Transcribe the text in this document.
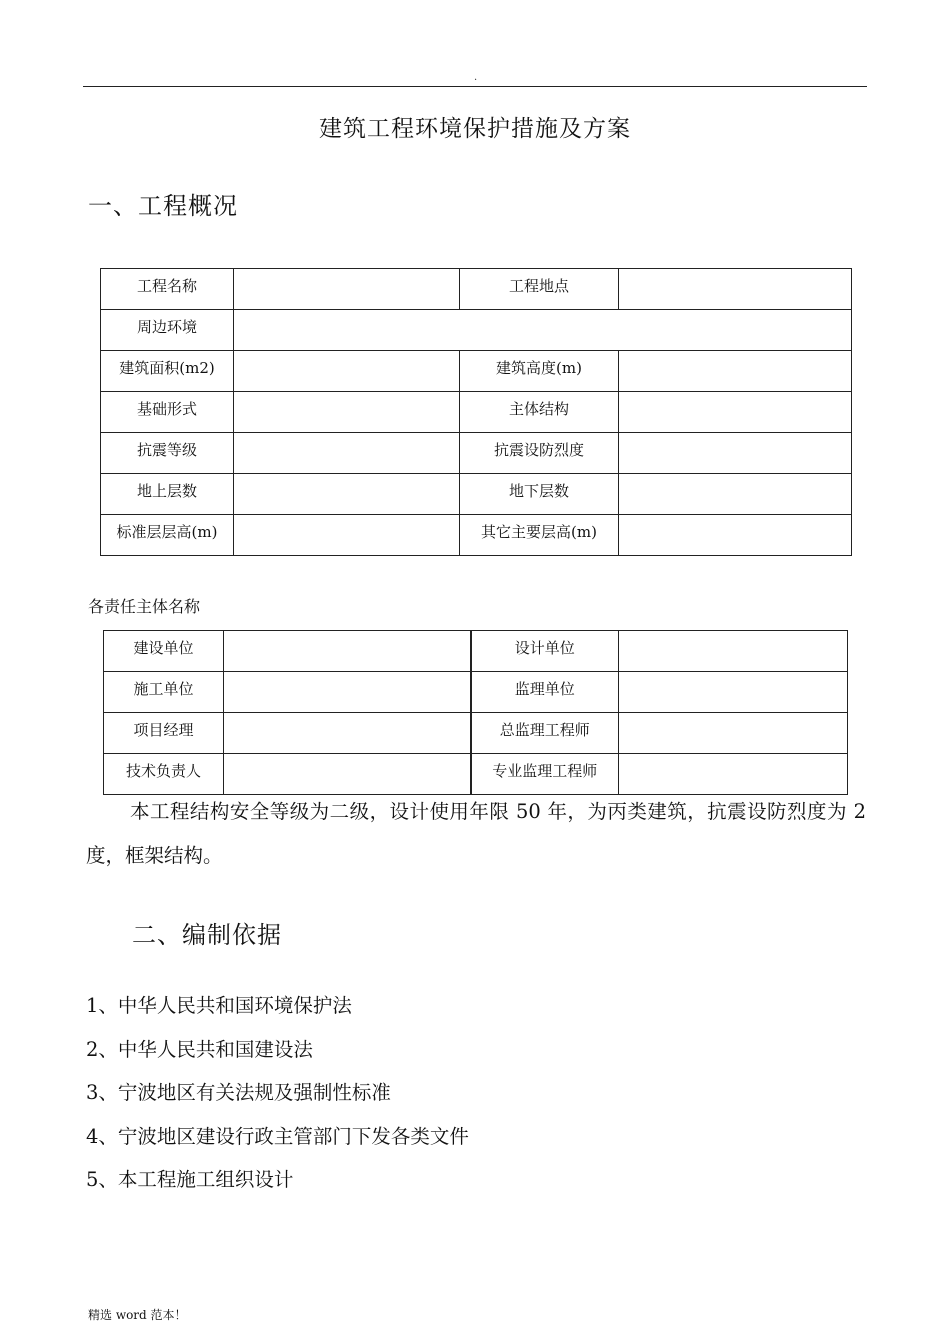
.
建筑工程环境保护措施及方案
一、工程概况
工程名称		工程地点	
周边环境			
建筑面积(m2)		建筑高度(m)	
基础形式		主体结构	
抗震等级		抗震设防烈度	
地上层数		地下层数	
标准层层高(m)		其它主要层高(m)	
各责任主体名称
建设单位		设计单位	
施工单位		监理单位	
项目经理		总监理工程师	
技术负责人		专业监理工程师	
本工程结构安全等级为二级，设计使用年限 50 年，为丙类建筑，抗震设防烈度为 2 度，框架结构。
二、编制依据
1、中华人民共和国环境保护法
2、中华人民共和国建设法
3、宁波地区有关法规及强制性标准
4、宁波地区建设行政主管部门下发各类文件
5、本工程施工组织设计
精选 word 范本！
